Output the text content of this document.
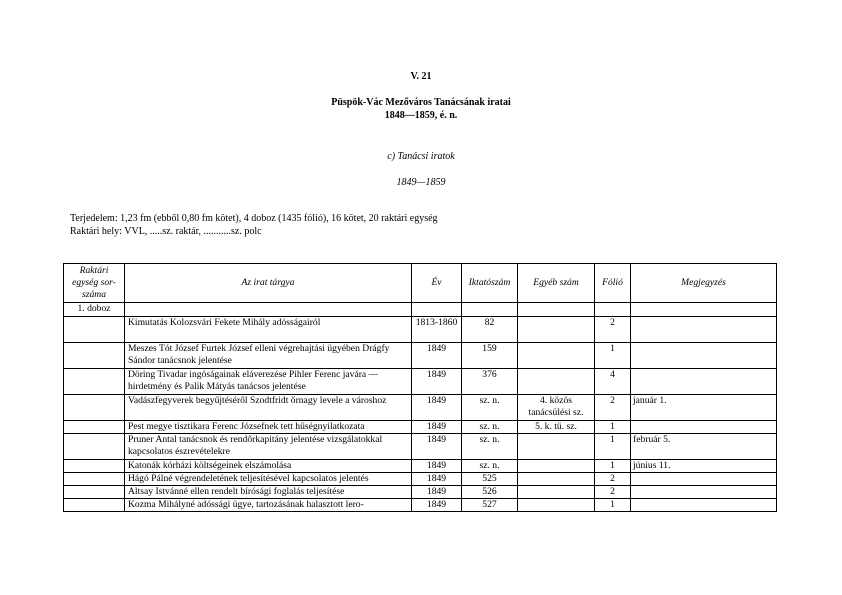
V. 21
Püspök-Vác Mezőváros Tanácsának iratai
1848—1859, é. n.
c) Tanácsi iratok
1849—1859
Terjedelem: 1,23 fm (ebből 0,80 fm kötet), 4 doboz (1435 fólió), 16 kötet, 20 raktári egység
Raktári hely: VVL, .....sz. raktár, ...........sz. polc
Raktári egység sor-száma	Az irat tárgya	Év	Iktatószám	Egyéb szám	Fólió	Megjegyzés
1. doboz						
	Kimutatás Kolozsvári Fekete Mihály adósságairól	1813-1860	82		2	
	Meszes Tót József Furtek József elleni végrehajtási ügyében Drágfy Sándor tanácsnok jelentése	1849	159		1	
	Döring Tivadar ingóságainak eláverezése Pihler Ferenc javára — hirdetmény és Palik Mátyás tanácsos jelentése	1849	376		4	
	Vadászfegyverek begyűjtéséről Szodtfridt őrnagy levele a városhoz	1849	sz. n.	4. közös tanácsülési sz.	2	január 1.
	Pest megye tisztikara Ferenc Józsefnek tett hűségnyilatkozata	1849	sz. n.	5. k. tü. sz.	1	
	Pruner Antal tanácsnok és rendőrkapitány jelentése vizsgálatokkal kapcsolatos észrevételekre	1849	sz. n.		1	február 5.
	Katonák kórházi költségeinek elszámolása	1849	sz. n.		1	június 11.
	Hágó Pálné végrendeletének teljesítésével kapcsolatos jelentés	1849	525		2	
	Altsay Istvánné ellen rendelt bírósági foglalás teljesítése	1849	526		2	
	Kozma Mihályné adóssági ügye, tartozásának halasztott lero-	1849	527		1	
